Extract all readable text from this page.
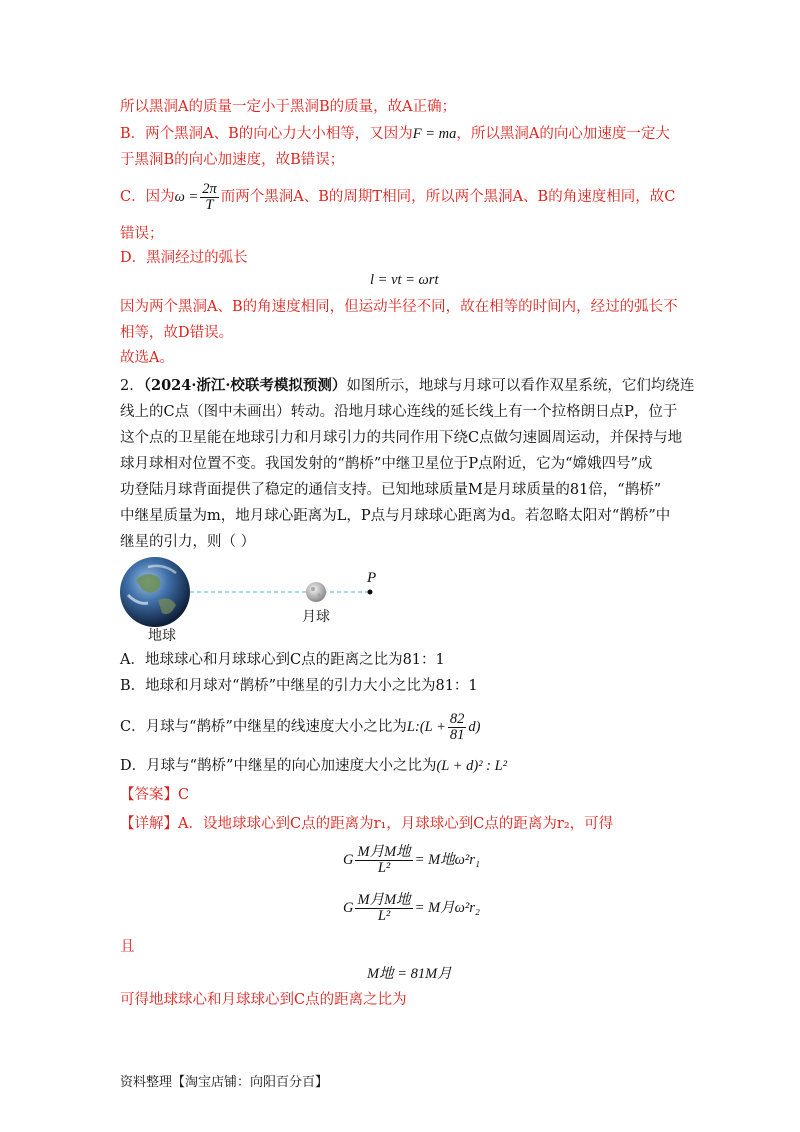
所以黑洞A的质量一定小于黑洞B的质量，故A正确；
B．两个黑洞A、B的向心力大小相等，又因为F = ma，所以黑洞A的向心加速度一定大
于黑洞B的向心加速度，故B错误；
C．因为$\omega = \frac{2\pi}{T}$ 而两个黑洞A、B的周期T相同，所以两个黑洞A、B的角速度相同，故C
错误；
D．黑洞经过的弧长
l = vt = ωrt
因为两个黑洞A、B的角速度相同，但运动半径不同，故在相等的时间内，经过的弧长不
相等，故D错误。
故选A。
2．（2024·浙江·校联考模拟预测）如图所示，地球与月球可以看作双星系统，它们均绕连
线上的C点（图中未画出）转动。沿地月球心连线的延长线上有一个拉格朗日点P，位于
这个点的卫星能在地球引力和月球引力的共同作用下绕C点做匀速圆周运动，并保持与地
球月球相对位置不变。我国发射的“鹊桥”中继卫星位于P点附近，它为“嫦娥四号”成
功登陆月球背面提供了稳定的通信支持。已知地球质量M是月球质量的81倍，“鹊桥”
中继星质量为m，地月球心距离为L，P点与月球球心距离为d。若忽略太阳对“鹊桥”中
继星的引力，则（ ）
地球
月球
P
A．地球球心和月球球心到C点的距离之比为81：1
B．地球和月球对“鹊桥”中继星的引力大小之比为81：1
C．月球与“鹊桥”中继星的线速度大小之比为L:(L + $\frac{82}{81} d$)
D．月球与“鹊桥”中继星的向心加速度大小之比为(L + d)² : L²
【答案】C
【详解】A．设地球球心到C点的距离为r₁，月球球心到C点的距离为r₂，可得
G $\frac{\text{M月M地}}{\text{L²}} = M$地ω²r₁
G $\frac{\text{M月M地}}{\text{L²}} = M$月ω²r₂
且
M地 = 81M月
可得地球球心和月球球心到C点的距离之比为
资料整理【淘宝店铺：向阳百分百】
